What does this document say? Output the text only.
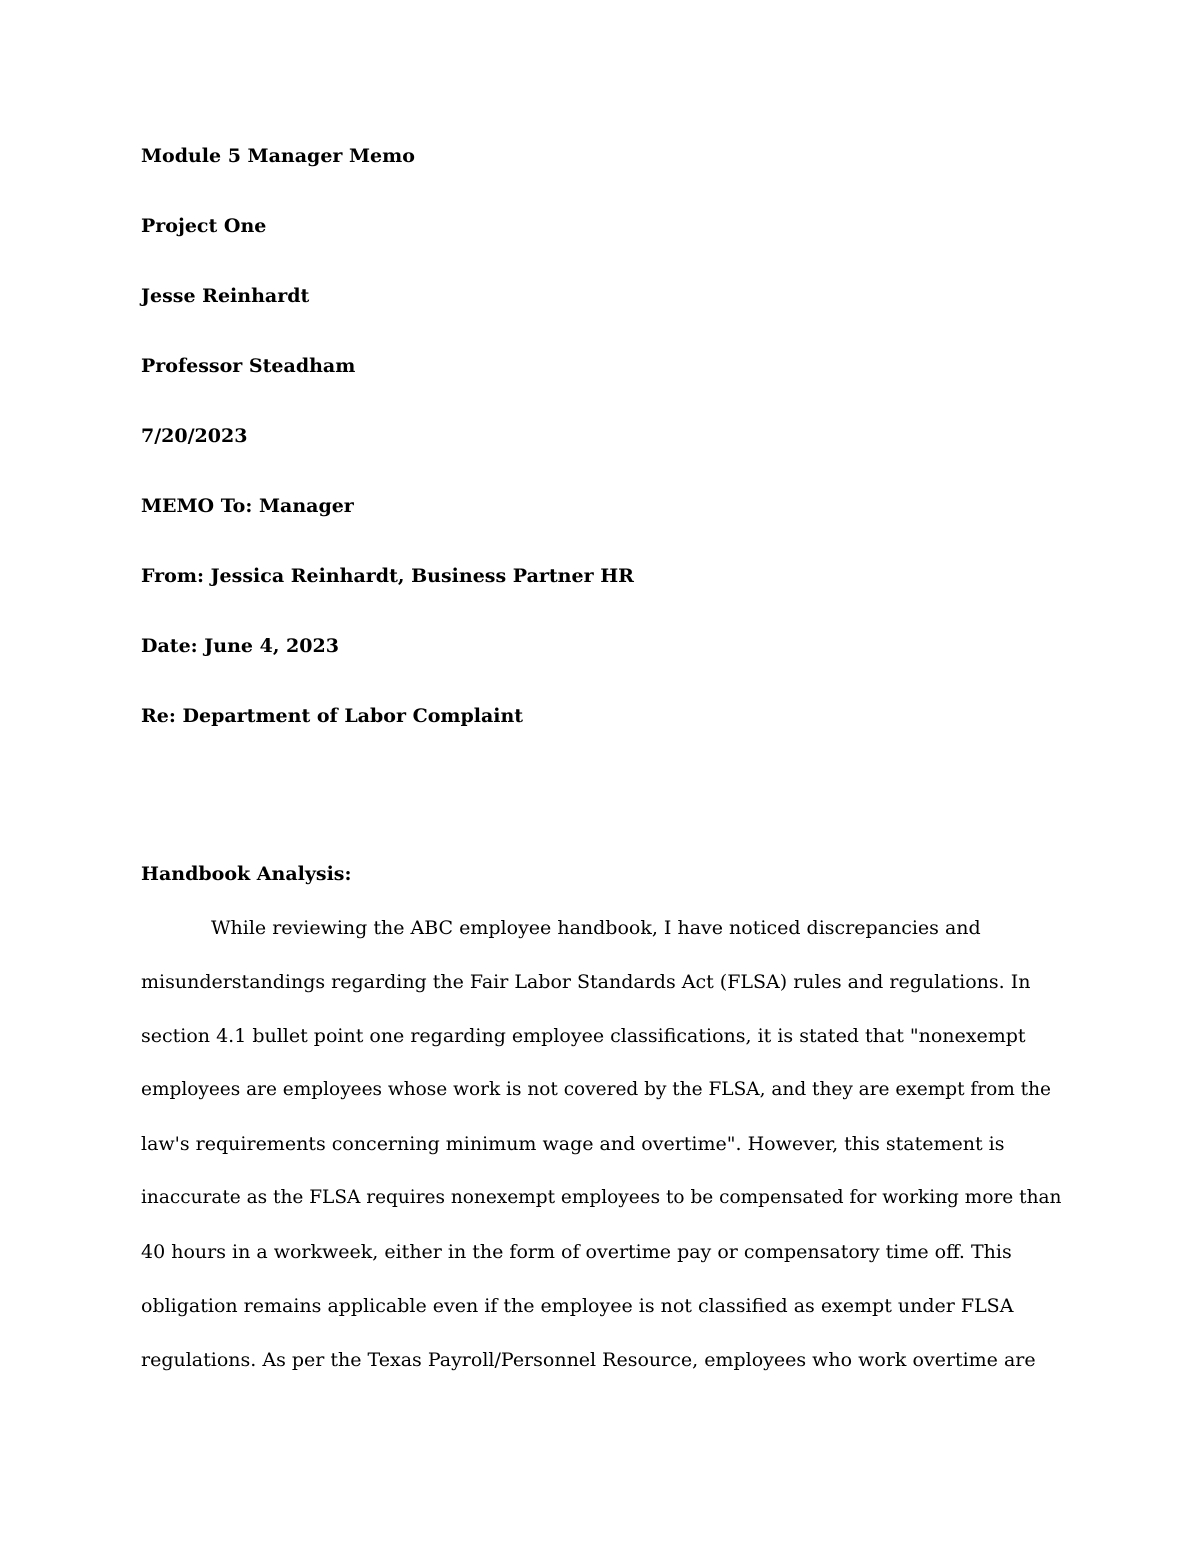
Module 5 Manager Memo
Project One
Jesse Reinhardt
Professor Steadham
7/20/2023
MEMO To: Manager
From: Jessica Reinhardt, Business Partner HR
Date: June 4, 2023
Re: Department of Labor Complaint
Handbook Analysis:
While reviewing the ABC employee handbook, I have noticed discrepancies and
misunderstandings regarding the Fair Labor Standards Act (FLSA) rules and regulations. In
section 4.1 bullet point one regarding employee classifications, it is stated that "nonexempt
employees are employees whose work is not covered by the FLSA, and they are exempt from the
law's requirements concerning minimum wage and overtime". However, this statement is
inaccurate as the FLSA requires nonexempt employees to be compensated for working more than
40 hours in a workweek, either in the form of overtime pay or compensatory time off. This
obligation remains applicable even if the employee is not classified as exempt under FLSA
regulations. As per the Texas Payroll/Personnel Resource, employees who work overtime are
